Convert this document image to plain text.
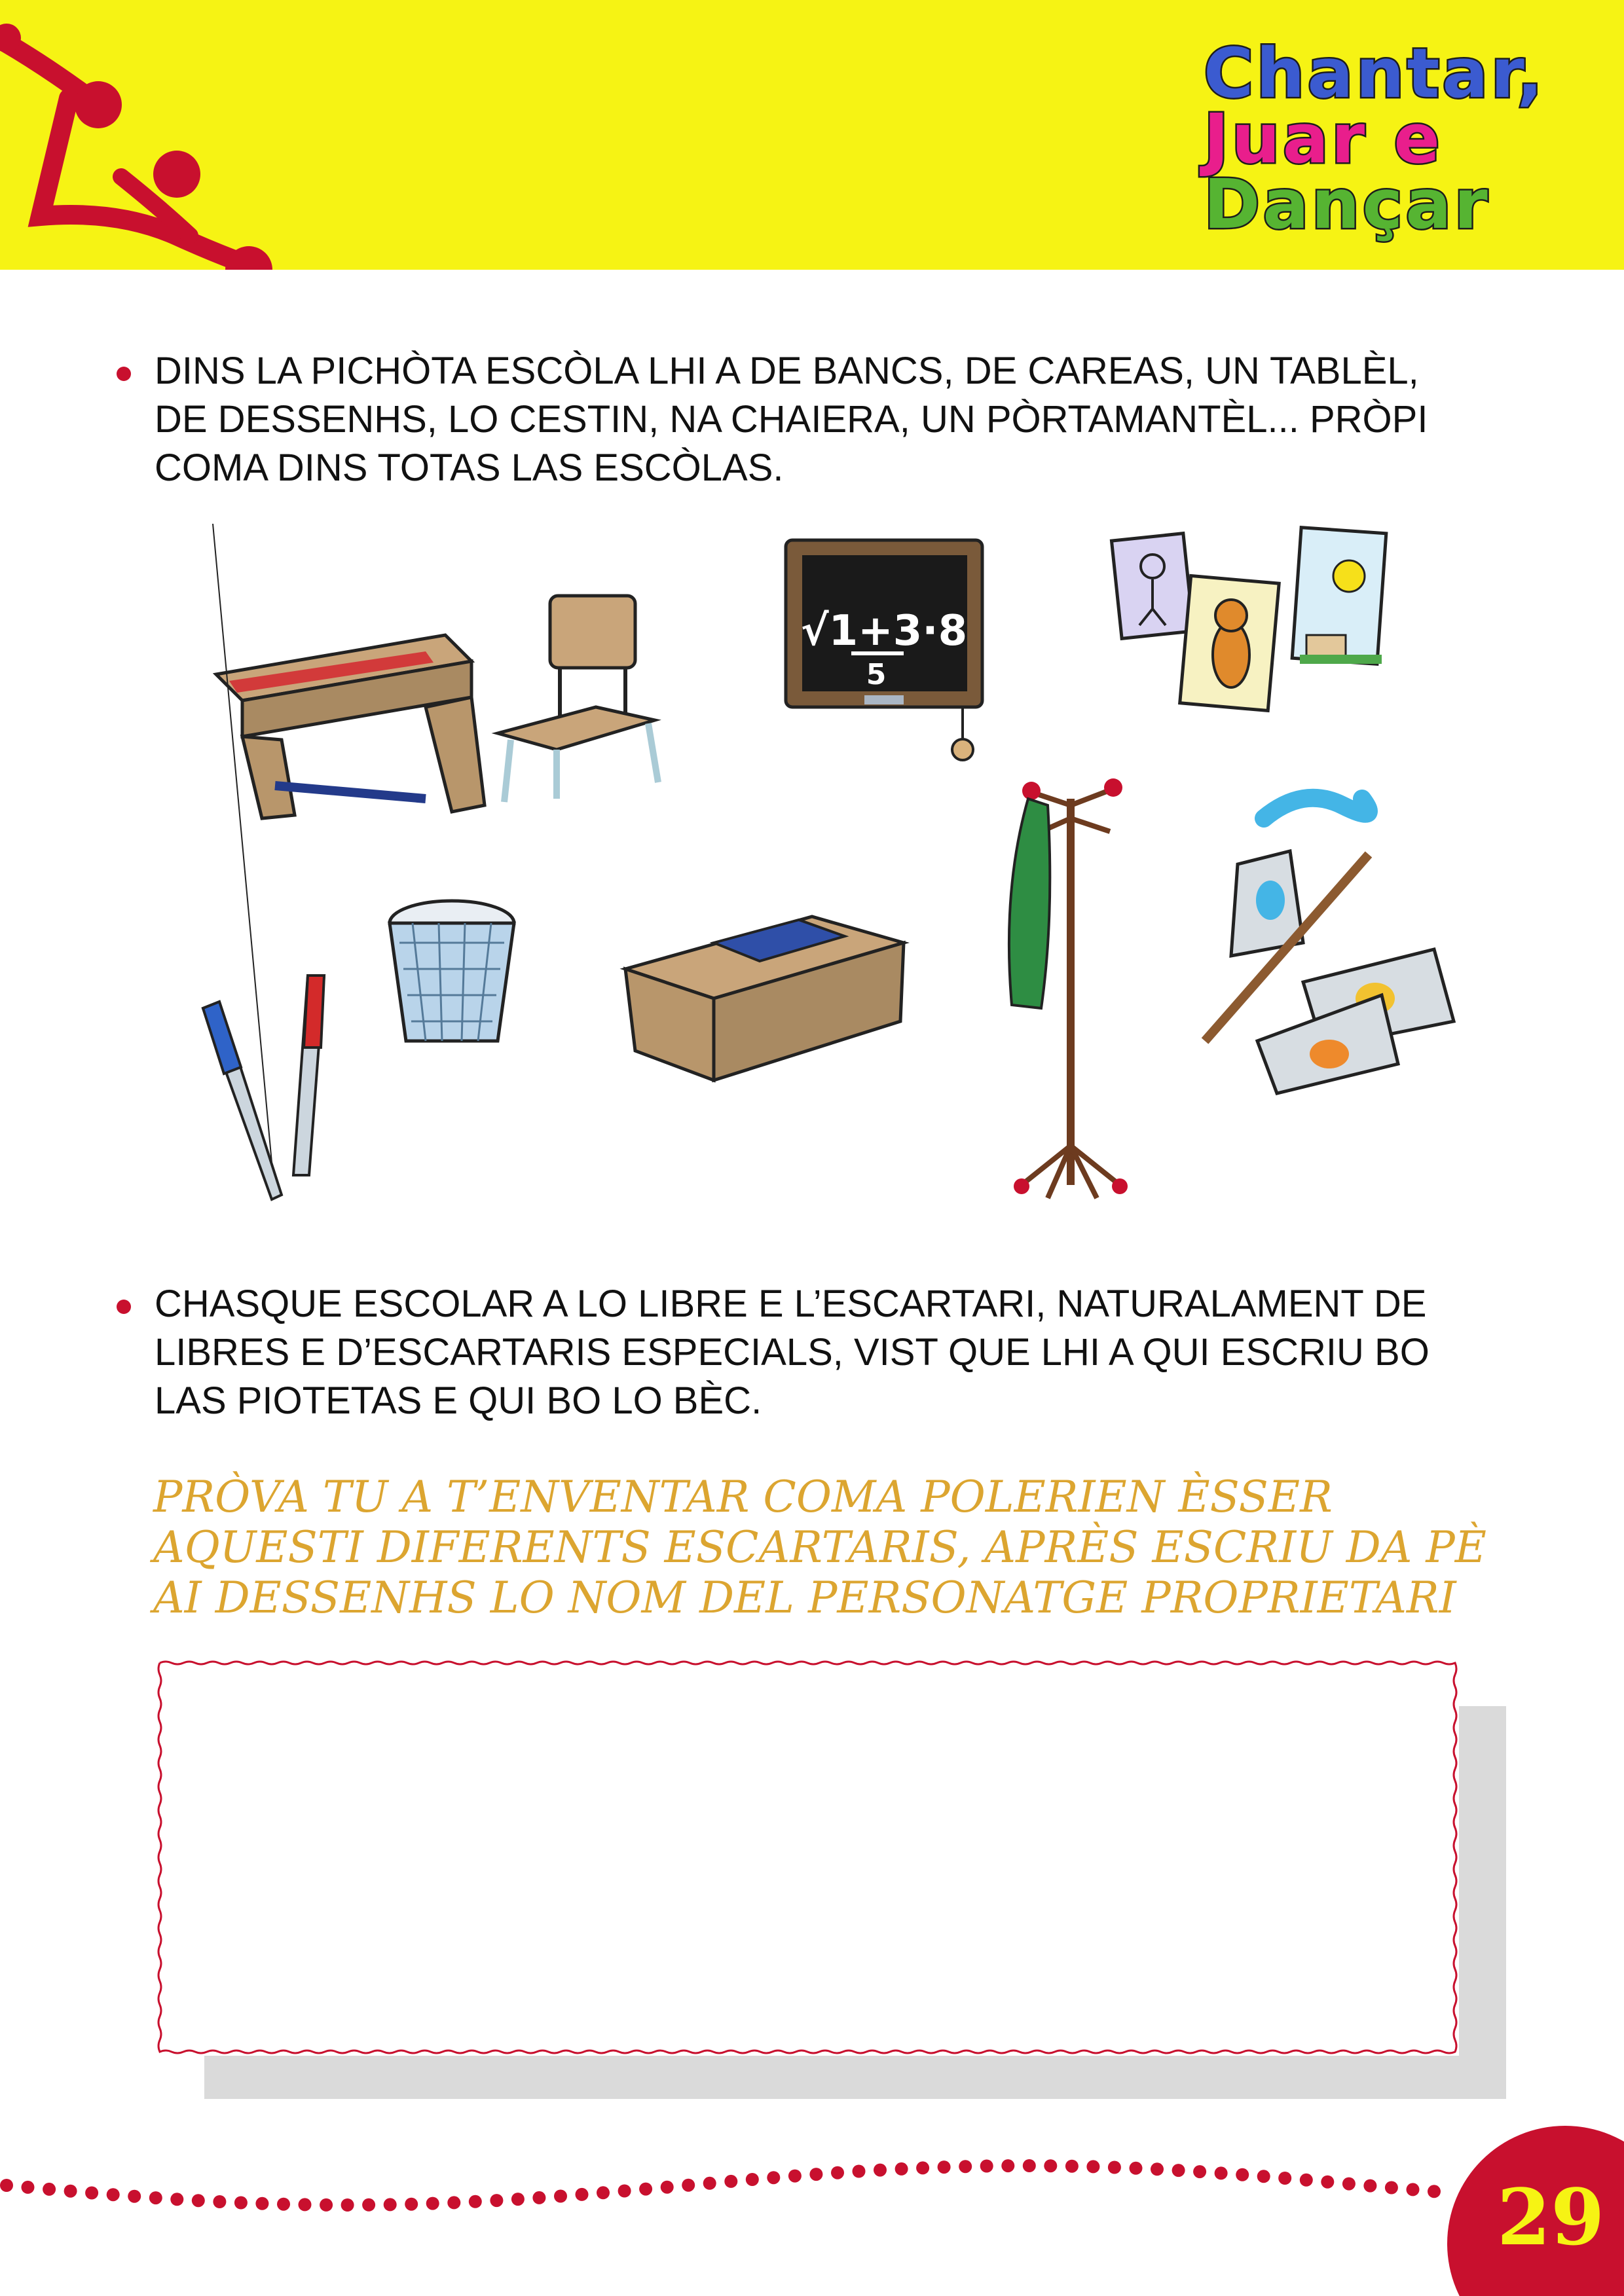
Chantar,
Juar e
Dançar
DINS LA PICHÒTA ESCÒLA LHI A DE BANCS, DE CAREAS, UN TABLÈL,
DE DESSENHS, LO CESTIN, NA CHAIERA, UN PÒRTAMANTÈL... PRÒPI
COMA DINS TOTAS LAS ESCÒLAS.
√1+3·8
5
CHASQUE ESCOLAR A LO LIBRE E L’ESCARTARI, NATURALAMENT DE
LIBRES E D’ESCARTARIS ESPECIALS, VIST QUE LHI A QUI ESCRIU BO
LAS PIOTETAS E QUI BO LO BÈC.
PRÒVA TU A T’ENVENTAR COMA POLERIEN ÈSSER
AQUESTI DIFERENTS ESCARTARIS, APRÈS ESCRIU DA PÈ
AI DESSENHS LO NOM DEL PERSONATGE PROPRIETARI
29
